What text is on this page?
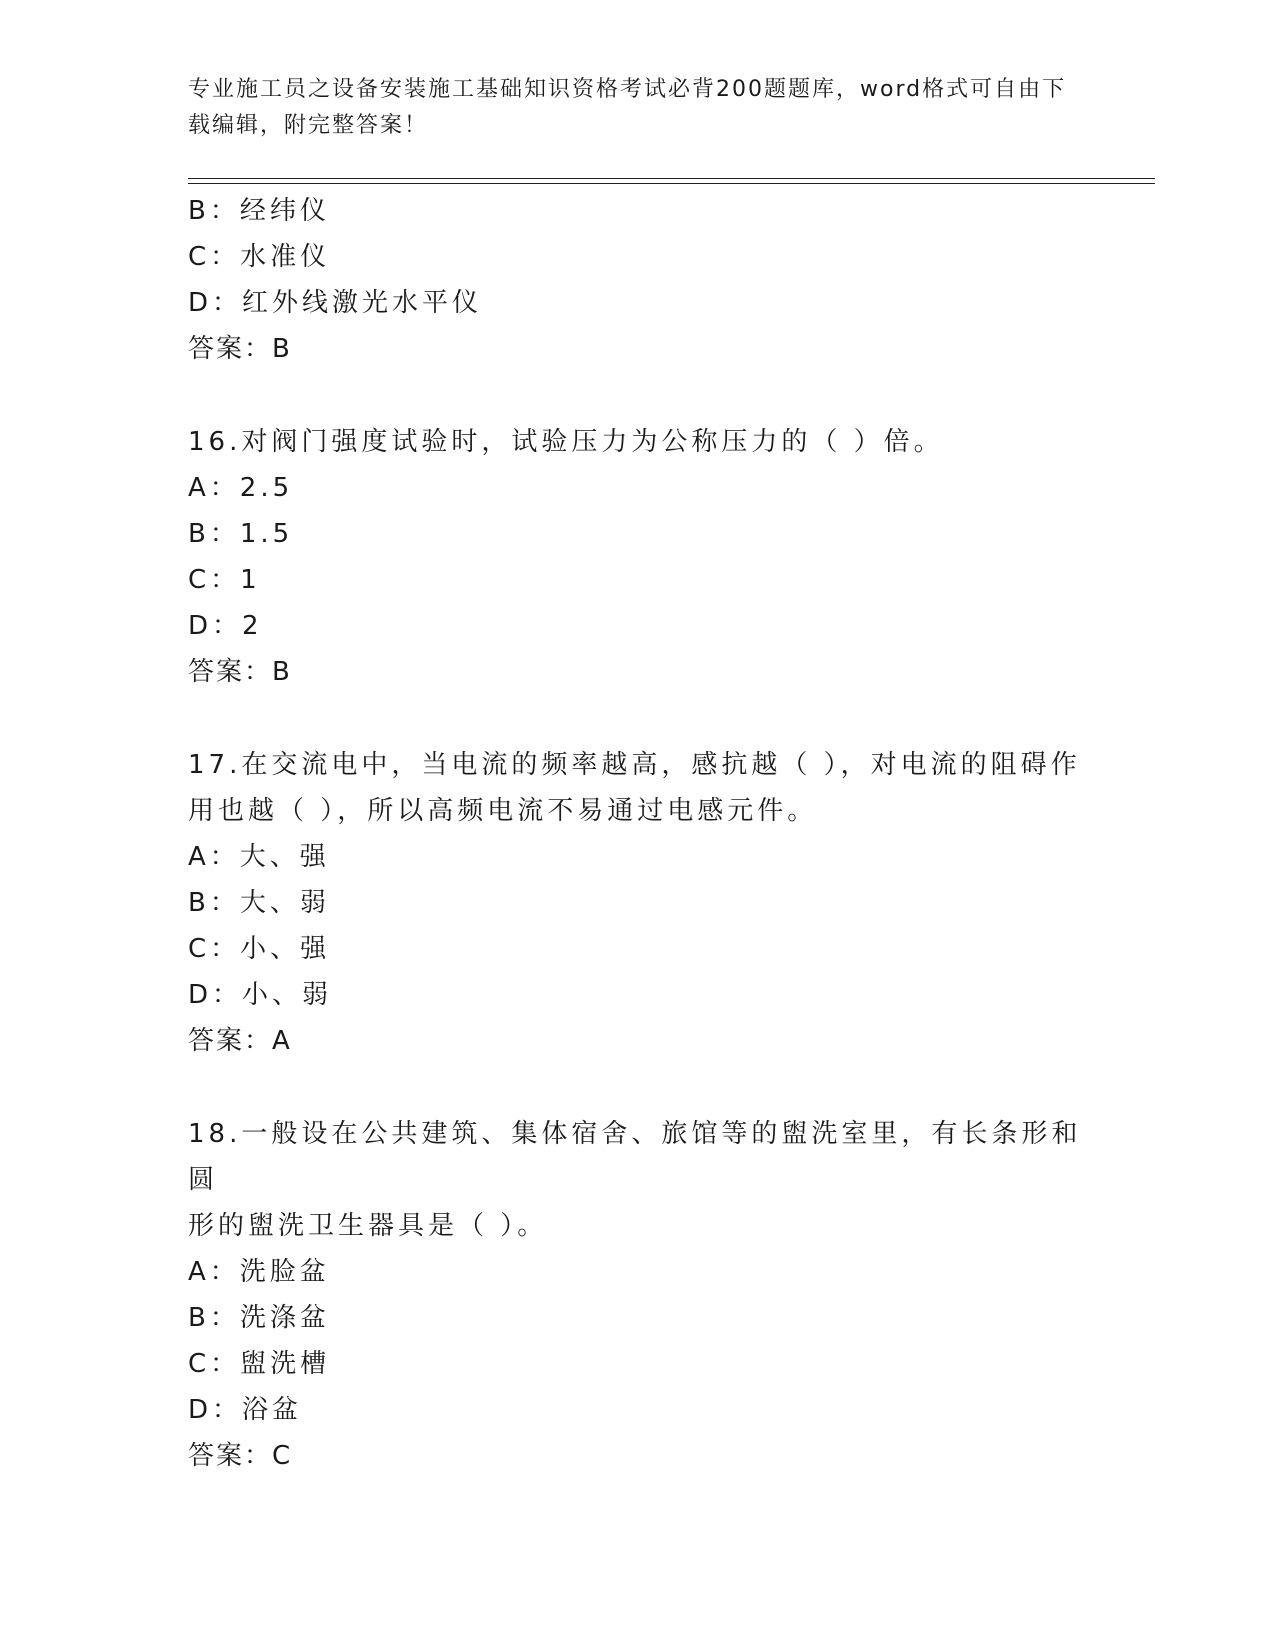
专业施工员之设备安装施工基础知识资格考试必背200题题库，word格式可自由下载编辑，附完整答案！
B：经纬仪
C：水准仪
D：红外线激光水平仪
答案：B
16.对阀门强度试验时，试验压力为公称压力的（ ）倍。
A：2.5
B：1.5
C：1
D：2
答案：B
17.在交流电中，当电流的频率越高，感抗越（ ），对电流的阻碍作
用也越（ ），所以高频电流不易通过电感元件。
A：大、强
B：大、弱
C：小、强
D：小、弱
答案：A
18.一般设在公共建筑、集体宿舍、旅馆等的盥洗室里，有长条形和圆
形的盥洗卫生器具是（ ）。
A：洗脸盆
B：洗涤盆
C：盥洗槽
D：浴盆
答案：C
